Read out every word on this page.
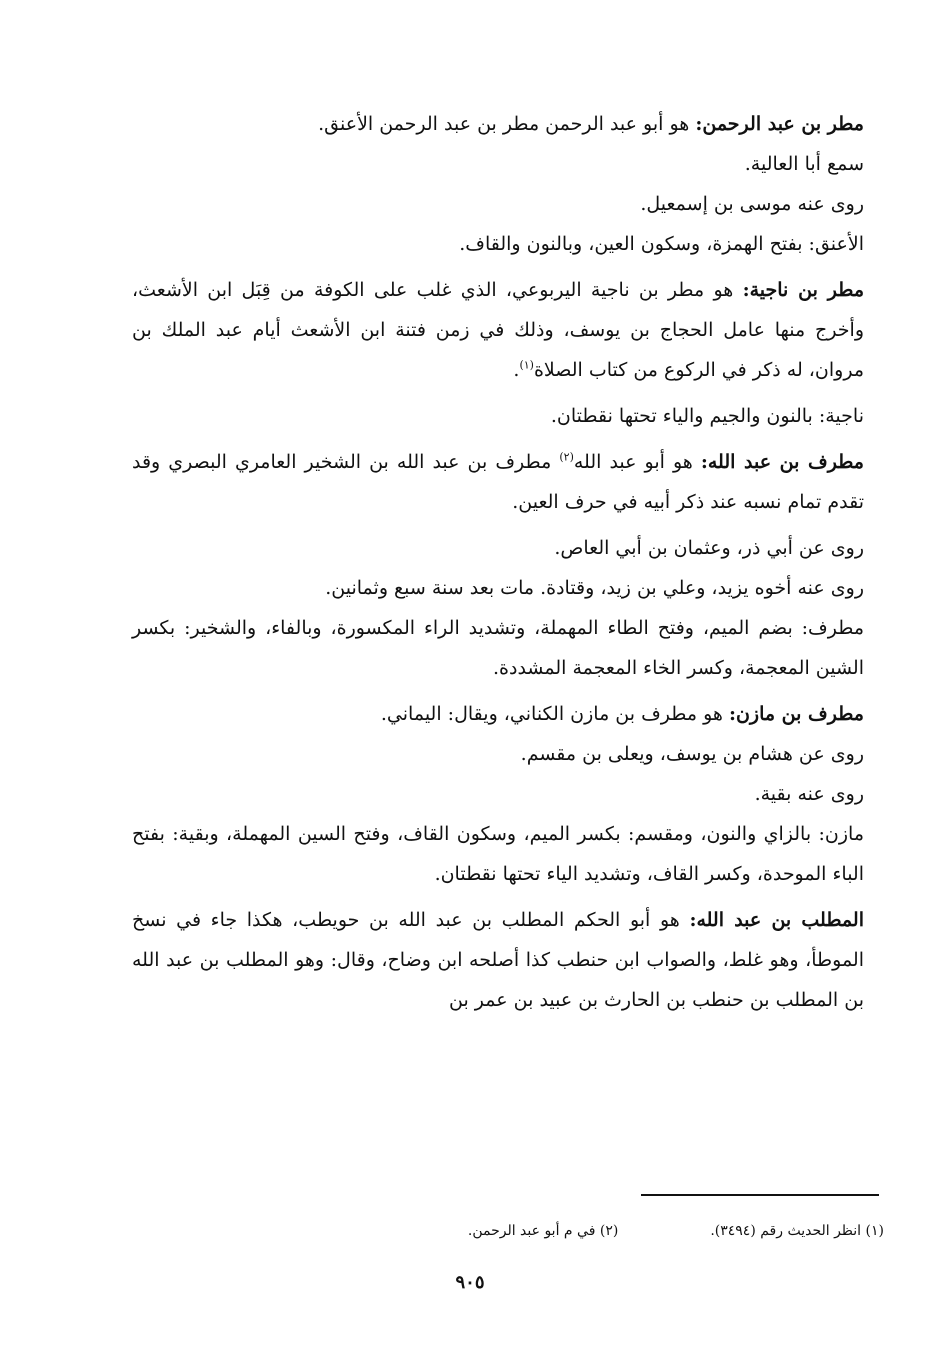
مطر بن عبد الرحمن: هو أبو عبد الرحمن مطر بن عبد الرحمن الأعنق.

سمع أبا العالية.

روى عنه موسى بن إسمعيل.

الأعنق: بفتح الهمزة، وسكون العين، وبالنون والقاف.

مطر بن ناجية: هو مطر بن ناجية اليربوعي، الذي غلب على الكوفة من قِبَل ابن الأشعث، وأخرج منها عامل الحجاج بن يوسف، وذلك في زمن فتنة ابن الأشعث أيام عبد الملك بن مروان، له ذكر في الركوع من كتاب الصلاة$^{(١)}$.

ناجية: بالنون والجيم والياء تحتها نقطتان.

مطرف بن عبد الله: هو أبو عبد الله$^{(٢)}$ مطرف بن عبد الله بن الشخير العامري البصري وقد تقدم تمام نسبه عند ذكر أبيه في حرف العين.

روى عن أبي ذر، وعثمان بن أبي العاص.

روى عنه أخوه يزيد، وعلي بن زيد، وقتادة. مات بعد سنة سبع وثمانين.

مطرف: بضم الميم، وفتح الطاء المهملة، وتشديد الراء المكسورة، وبالفاء، والشخير: بكسر الشين المعجمة، وكسر الخاء المعجمة المشددة.

مطرف بن مازن: هو مطرف بن مازن الكناني، ويقال: اليماني.

روى عن هشام بن يوسف، ويعلى بن مقسم.

روى عنه بقية.

مازن: بالزاي والنون، ومقسم: بكسر الميم، وسكون القاف، وفتح السين المهملة، وبقية: بفتح الباء الموحدة، وكسر القاف، وتشديد الياء تحتها نقطتان.

المطلب بن عبد الله: هو أبو الحكم المطلب بن عبد الله بن حويطب، هكذا جاء في نسخ الموطأ، وهو غلط، والصواب ابن حنطب كذا أصلحه ابن وضاح، وقال: وهو المطلب بن عبد الله بن المطلب بن حنطب بن الحارث بن عبيد بن عمر بن

(١) انظر الحديث رقم (٣٤٩٤).
(٢) في م أبو عبد الرحمن.
٩٠٥
